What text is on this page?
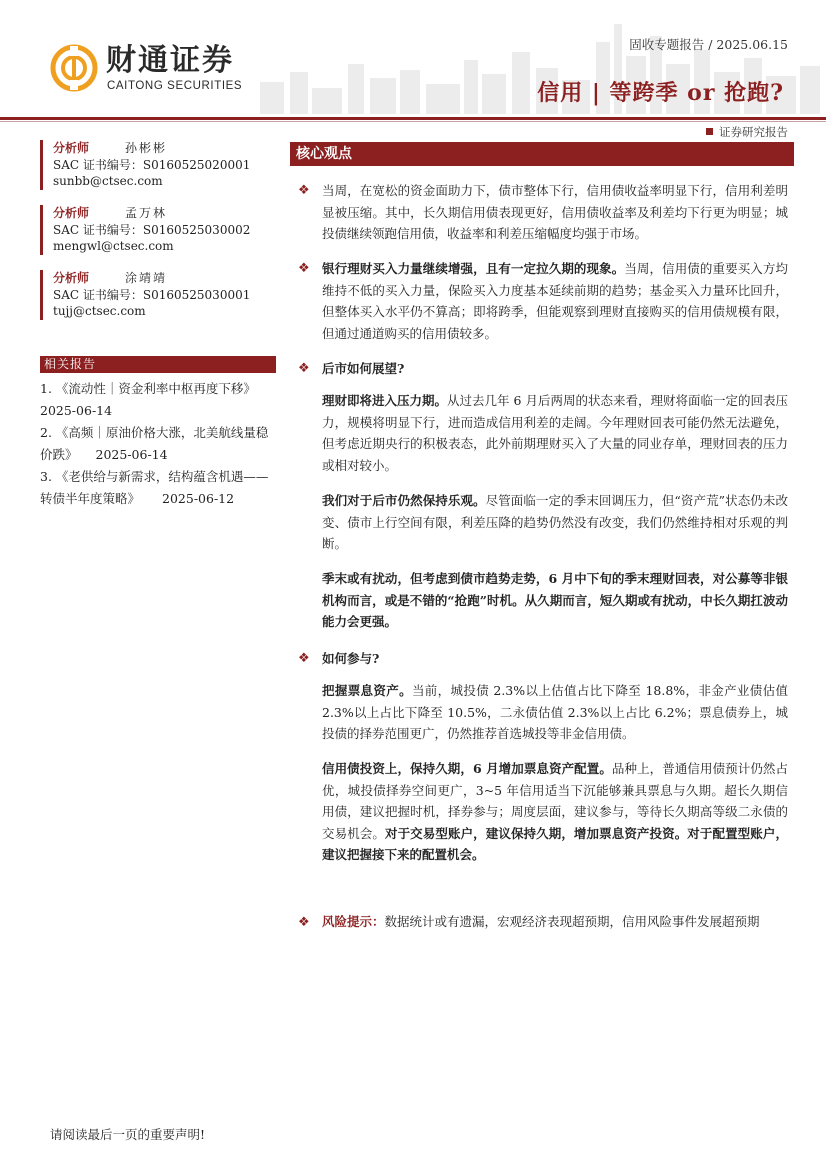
财通证券
CAITONG SECURITIES
固收专题报告 / 2025.06.15
信用 | 等跨季 or 抢跑?
证券研究报告
分析师	孙彬彬
SAC 证书编号：S0160525020001
sunbb@ctsec.com
分析师	孟万林
SAC 证书编号：S0160525030002
mengwl@ctsec.com
分析师	涂靖靖
SAC 证书编号：S0160525030001
tujj@ctsec.com
相关报告
1. 《流动性｜资金利率中枢再度下移》
2025-06-14
2. 《高频｜原油价格大涨，北美航线量稳价跌》 2025-06-14
3. 《老供给与新需求，结构蕴含机遇——转债半年度策略》 2025-06-12
核心观点
❖ 当周，在宽松的资金面助力下，债市整体下行，信用债收益率明显下行，信用利差明显被压缩。其中，长久期信用债表现更好，信用债收益率及利差均下行更为明显；城投债继续领跑信用债，收益率和利差压缩幅度均强于市场。
❖ 银行理财买入力量继续增强，且有一定拉久期的现象。当周，信用债的重要买入方均维持不低的买入力量，保险买入力度基本延续前期的趋势；基金买入力量环比回升，但整体买入水平仍不算高；即将跨季，但能观察到理财直接购买的信用债规模有限，但通过通道购买的信用债较多。
❖ 后市如何展望?
理财即将进入压力期。从过去几年 6 月后两周的状态来看，理财将面临一定的回表压力，规模将明显下行，进而造成信用利差的走阔。今年理财回表可能仍然无法避免，但考虑近期央行的积极表态，此外前期理财买入了大量的同业存单，理财回表的压力或相对较小。
我们对于后市仍然保持乐观。尽管面临一定的季末回调压力，但“资产荒”状态仍未改变、债市上行空间有限，利差压降的趋势仍然没有改变，我们仍然维持相对乐观的判断。
季末或有扰动，但考虑到债市趋势走势，6 月中下旬的季末理财回表，对公募等非银机构而言，或是不错的“抢跑”时机。从久期而言，短久期或有扰动，中长久期扛波动能力会更强。
❖ 如何参与?
把握票息资产。当前，城投债 2.3%以上估值占比下降至 18.8%，非金产业债估值 2.3%以上占比下降至 10.5%，二永债估值 2.3%以上占比 6.2%；票息债券上，城投债的择券范围更广，仍然推荐首选城投等非金信用债。
信用债投资上，保持久期，6 月增加票息资产配置。品种上，普通信用债预计仍然占优，城投债择券空间更广，3~5 年信用适当下沉能够兼具票息与久期。超长久期信用债，建议把握时机，择券参与；周度层面，建议参与，等待长久期高等级二永债的交易机会。对于交易型账户，建议保持久期，增加票息资产投资。对于配置型账户，建议把握接下来的配置机会。
❖ 风险提示：数据统计或有遗漏，宏观经济表现超预期，信用风险事件发展超预期
请阅读最后一页的重要声明!
